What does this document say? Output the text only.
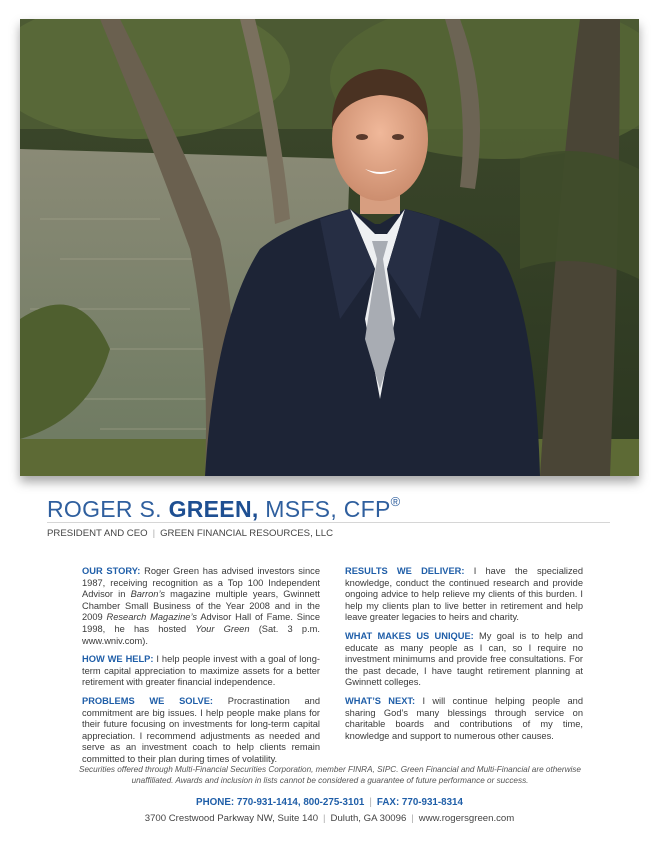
ROGER S. GREEN, MSFS, CFP®
PRESIDENT AND CEO | GREEN FINANCIAL RESOURCES, LLC

OUR STORY: Roger Green has advised investors since 1987, receiving recognition as a Top 100 Independent Advisor in Barron’s magazine multiple years, Gwinnett Chamber Small Business of the Year 2008 and in the 2009 Research Magazine’s Advisor Hall of Fame. Since 1998, he has hosted Your Green (Sat. 3 p.m. www.wniv.com).

HOW WE HELP: I help people invest with a goal of long-term capital appreciation to maximize assets for a better retirement with greater financial independence.

PROBLEMS WE SOLVE: Procrastination and commitment are big issues. I help people make plans for their future focusing on investments for long-term capital appreciation. I recommend adjustments as needed and serve as an investment coach to help clients remain committed to their plan during times of volatility.

RESULTS WE DELIVER: I have the specialized knowledge, conduct the continued research and provide ongoing advice to help relieve my clients of this burden. I help my clients plan to live better in retirement and help leave greater legacies to heirs and charity.

WHAT MAKES US UNIQUE: My goal is to help and educate as many people as I can, so I require no investment minimums and provide free consultations. For the past decade, I have taught retirement planning at Gwinnett colleges.

WHAT’S NEXT: I will continue helping people and sharing God’s many blessings through service on charitable boards and contributions of my time, knowledge and support to numerous other causes.

Securities offered through Multi-Financial Securities Corporation, member FINRA, SIPC. Green Financial and Multi-Financial are otherwise unaffiliated. Awards and inclusion in lists cannot be considered a guarantee of future performance or success.
PHONE: 770-931-1414, 800-275-3101 | FAX: 770-931-8314
3700 Crestwood Parkway NW, Suite 140 | Duluth, GA 30096 | www.rogersgreen.com
